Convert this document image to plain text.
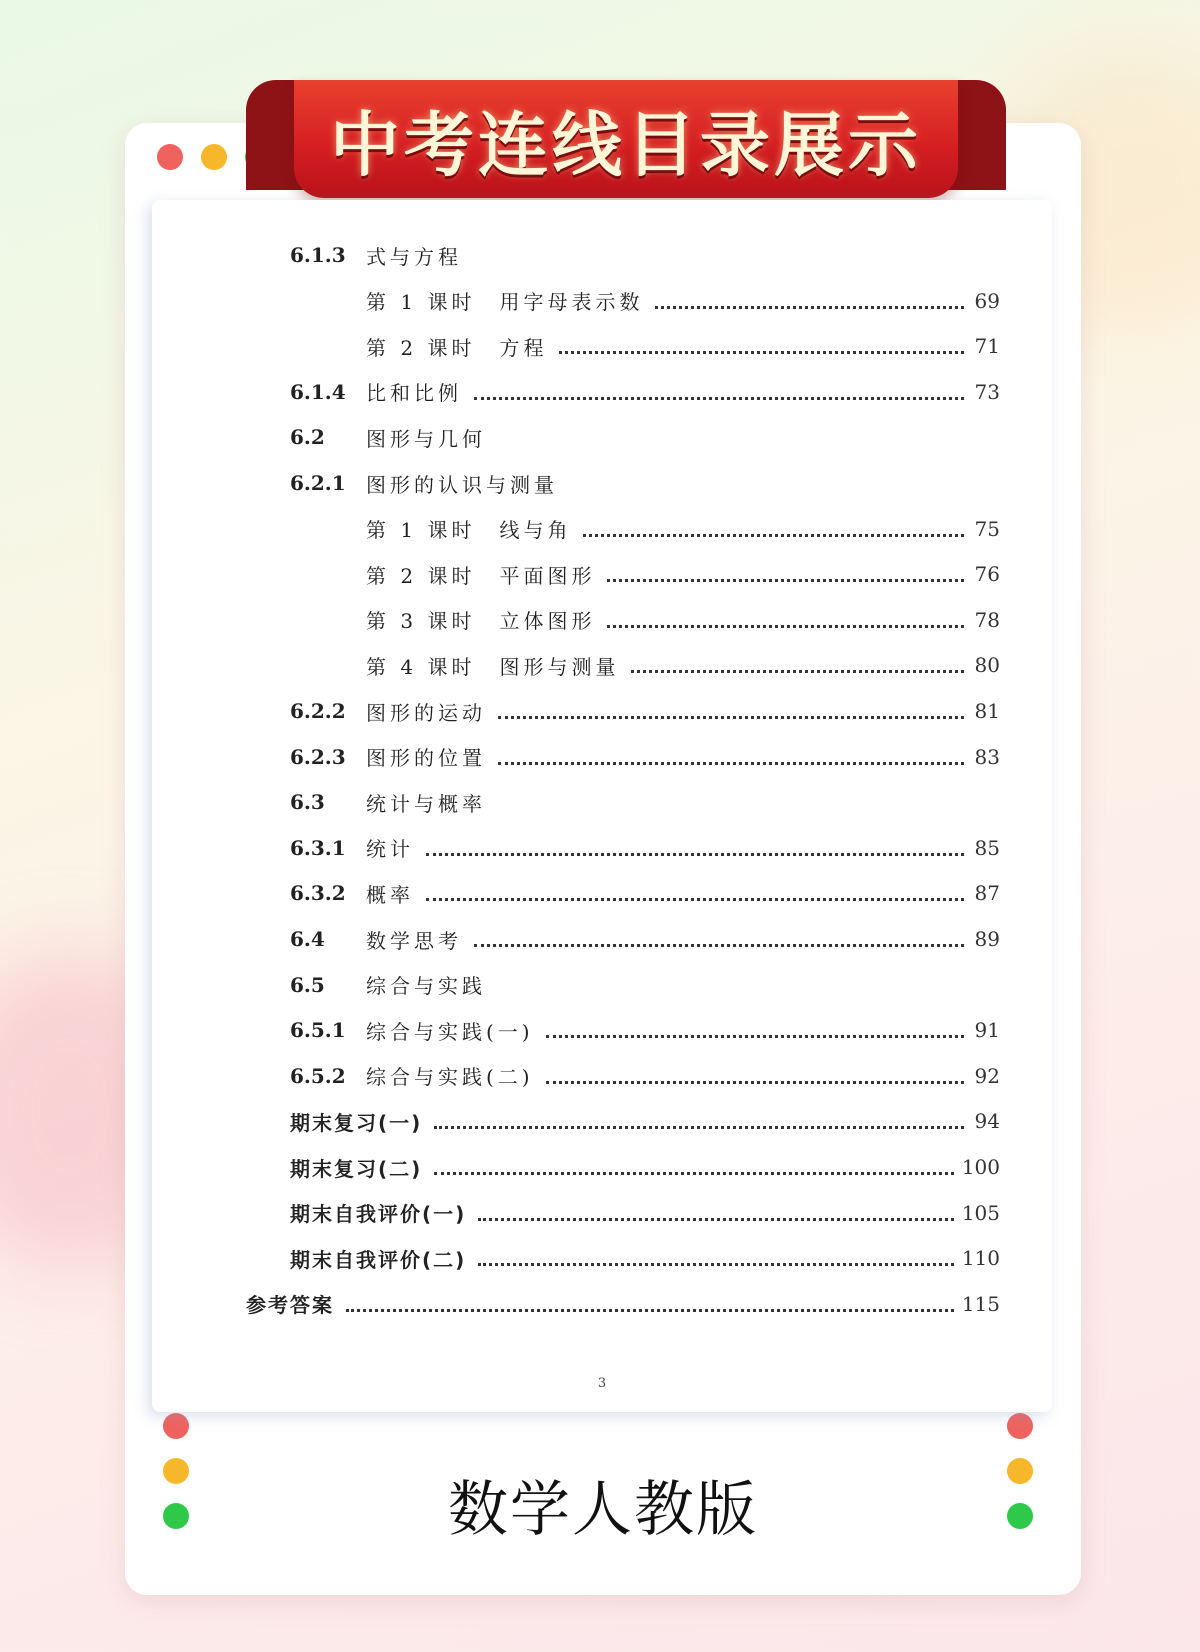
中考连线目录展示
6.1.3 式与方程
第 1 课时　用字母表示数	69
第 2 课时　方程	71
6.1.4 比和比例	73
6.2 图形与几何
6.2.1 图形的认识与测量
第 1 课时　线与角	75
第 2 课时　平面图形	76
第 3 课时　立体图形	78
第 4 课时　图形与测量	80
6.2.2 图形的运动	81
6.2.3 图形的位置	83
6.3 统计与概率
6.3.1 统计	85
6.3.2 概率	87
6.4 数学思考	89
6.5 综合与实践
6.5.1 综合与实践(一)	91
6.5.2 综合与实践(二)	92
期末复习(一)	94
期末复习(二)	100
期末自我评价(一)	105
期末自我评价(二)	110
参考答案	115
3
数学人教版
